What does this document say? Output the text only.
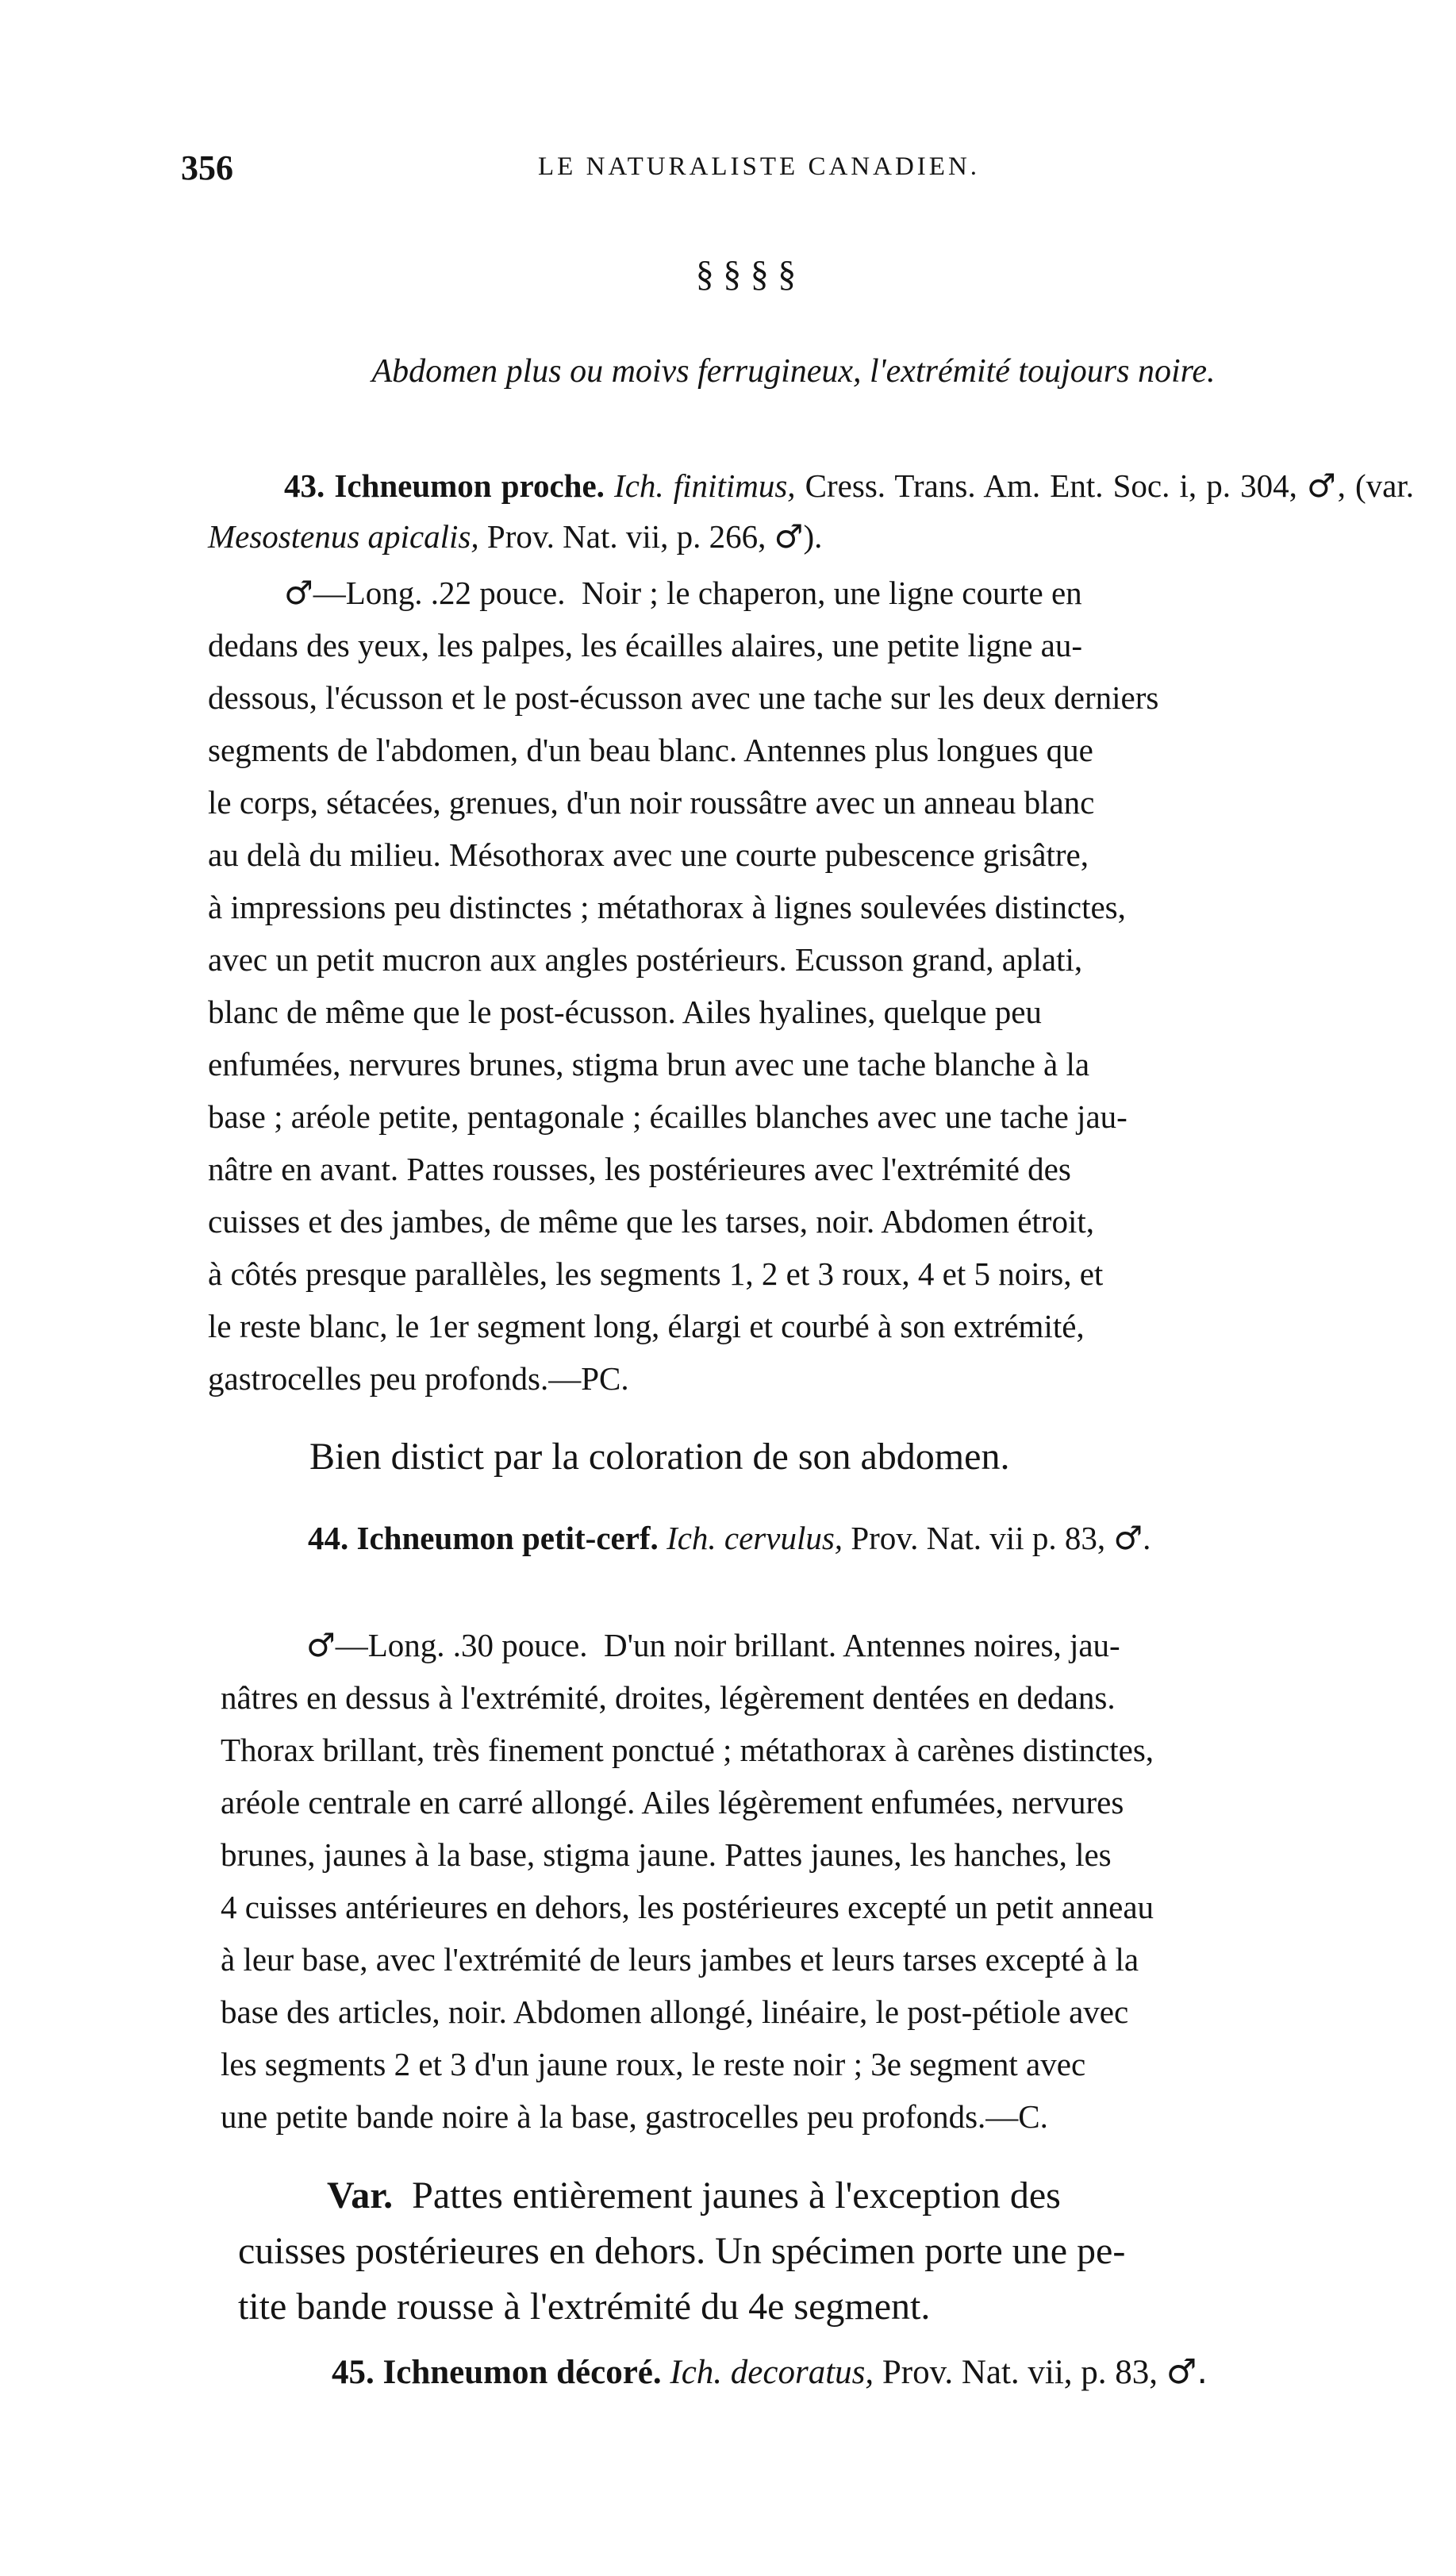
356	LE NATURALISTE CANADIEN.
§ § § §
Abdomen plus ou moivs ferrugineux, l'extrémité toujours noire.
43. Ichneumon proche. Ich. finitimus, Cress. Trans. Am. Ent. Soc. i, p. 304, ♂, (var. Mesostenus apicalis, Prov. Nat. vii, p. 266, ♂).
♂—Long. .22 pouce. Noir ; le chaperon, une ligne courte en
dedans des yeux, les palpes, les écailles alaires, une petite ligne au-
dessous, l'écusson et le post-écusson avec une tache sur les deux derniers
segments de l'abdomen, d'un beau blanc. Antennes plus longues que
le corps, sétacées, grenues, d'un noir roussâtre avec un anneau blanc
au delà du milieu. Mésothorax avec une courte pubescence grisâtre,
à impressions peu distinctes ; métathorax à lignes soulevées distinctes,
avec un petit mucron aux angles postérieurs. Ecusson grand, aplati,
blanc de même que le post-écusson. Ailes hyalines, quelque peu
enfumées, nervures brunes, stigma brun avec une tache blanche à la
base ; aréole petite, pentagonale ; écailles blanches avec une tache jau-
nâtre en avant. Pattes rousses, les postérieures avec l'extrémité des
cuisses et des jambes, de même que les tarses, noir. Abdomen étroit,
à côtés presque parallèles, les segments 1, 2 et 3 roux, 4 et 5 noirs, et
le reste blanc, le 1er segment long, élargi et courbé à son extrémité,
gastrocelles peu profonds.—PC.
Bien distict par la coloration de son abdomen.
44. Ichneumon petit-cerf. Ich. cervulus, Prov. Nat. vii p. 83, ♂.
♂—Long. .30 pouce. D'un noir brillant. Antennes noires, jau-
nâtres en dessus à l'extrémité, droites, légèrement dentées en dedans.
Thorax brillant, très finement ponctué ; métathorax à carènes distinctes,
aréole centrale en carré allongé. Ailes légèrement enfumées, nervures
brunes, jaunes à la base, stigma jaune. Pattes jaunes, les hanches, les
4 cuisses antérieures en dehors, les postérieures excepté un petit anneau
à leur base, avec l'extrémité de leurs jambes et leurs tarses excepté à la
base des articles, noir. Abdomen allongé, linéaire, le post-pétiole avec
les segments 2 et 3 d'un jaune roux, le reste noir ; 3e segment avec
une petite bande noire à la base, gastrocelles peu profonds.—C.
Var. Pattes entièrement jaunes à l'exception des
cuisses postérieures en dehors. Un spécimen porte une pe-
tite bande rousse à l'extrémité du 4e segment.
45. Ichneumon décoré. Ich. decoratus, Prov. Nat. vii, p. 83, ♂.
